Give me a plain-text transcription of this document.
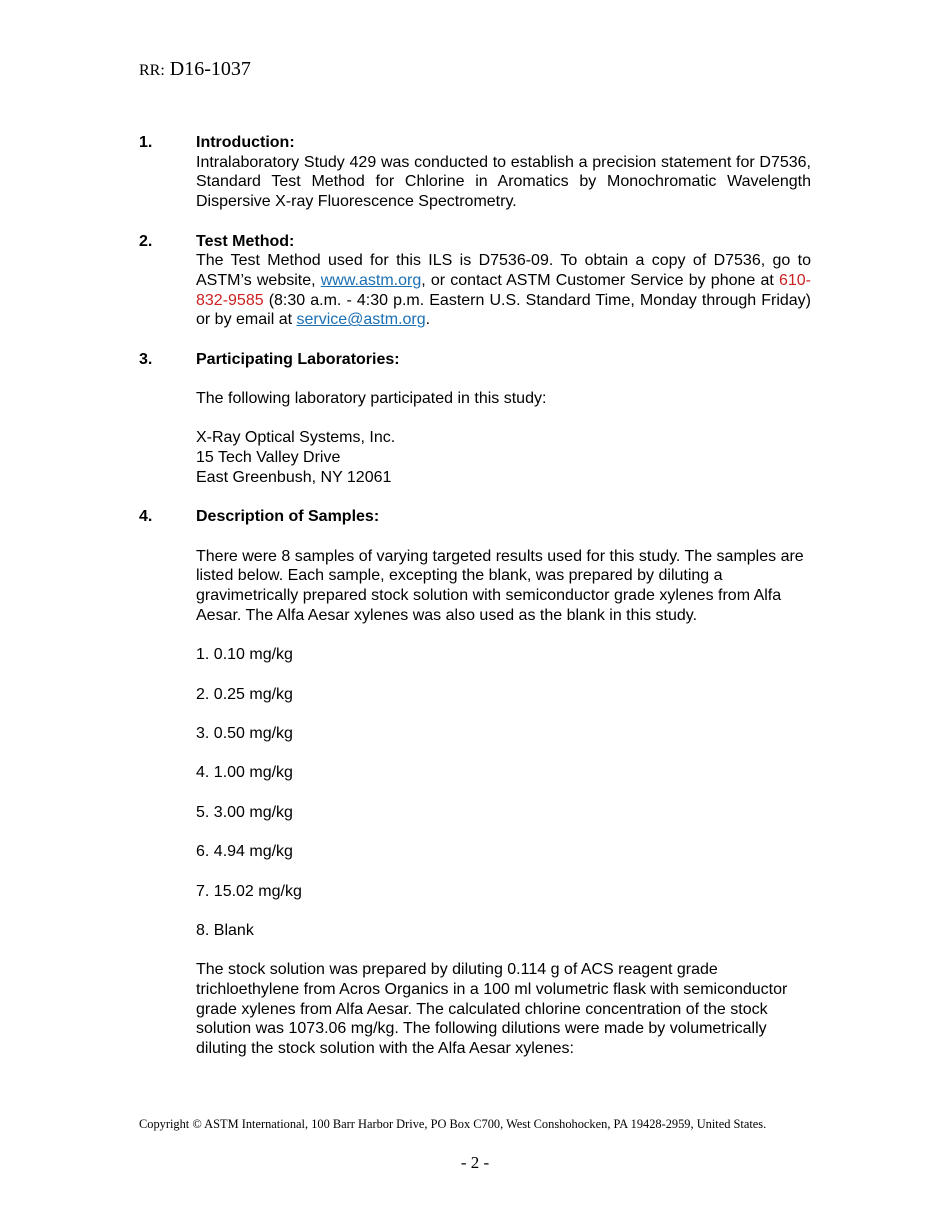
RR: D16-1037
1.	Introduction:
Intralaboratory Study 429 was conducted to establish a precision statement for D7536, Standard Test Method for Chlorine in Aromatics by Monochromatic Wavelength Dispersive X-ray Fluorescence Spectrometry.
2.	Test Method:
The Test Method used for this ILS is D7536-09. To obtain a copy of D7536, go to ASTM’s website, www.astm.org, or contact ASTM Customer Service by phone at 610-832-9585 (8:30 a.m. - 4:30 p.m. Eastern U.S. Standard Time, Monday through Friday) or by email at service@astm.org.
3.	Participating Laboratories:
The following laboratory participated in this study:
X-Ray Optical Systems, Inc.
15 Tech Valley Drive
East Greenbush, NY 12061
4.	Description of Samples:
There were 8 samples of varying targeted results used for this study. The samples are listed below. Each sample, excepting the blank, was prepared by diluting a gravimetrically prepared stock solution with semiconductor grade xylenes from Alfa Aesar. The Alfa Aesar xylenes was also used as the blank in this study.
1. 0.10 mg/kg
2. 0.25 mg/kg
3. 0.50 mg/kg
4. 1.00 mg/kg
5. 3.00 mg/kg
6. 4.94 mg/kg
7. 15.02 mg/kg
8. Blank
The stock solution was prepared by diluting 0.114 g of ACS reagent grade trichloethylene from Acros Organics in a 100 ml volumetric flask with semiconductor grade xylenes from Alfa Aesar. The calculated chlorine concentration of the stock solution was 1073.06 mg/kg. The following dilutions were made by volumetrically diluting the stock solution with the Alfa Aesar xylenes:
Copyright © ASTM International, 100 Barr Harbor Drive, PO Box C700, West Conshohocken, PA 19428-2959, United States.
- 2 -
